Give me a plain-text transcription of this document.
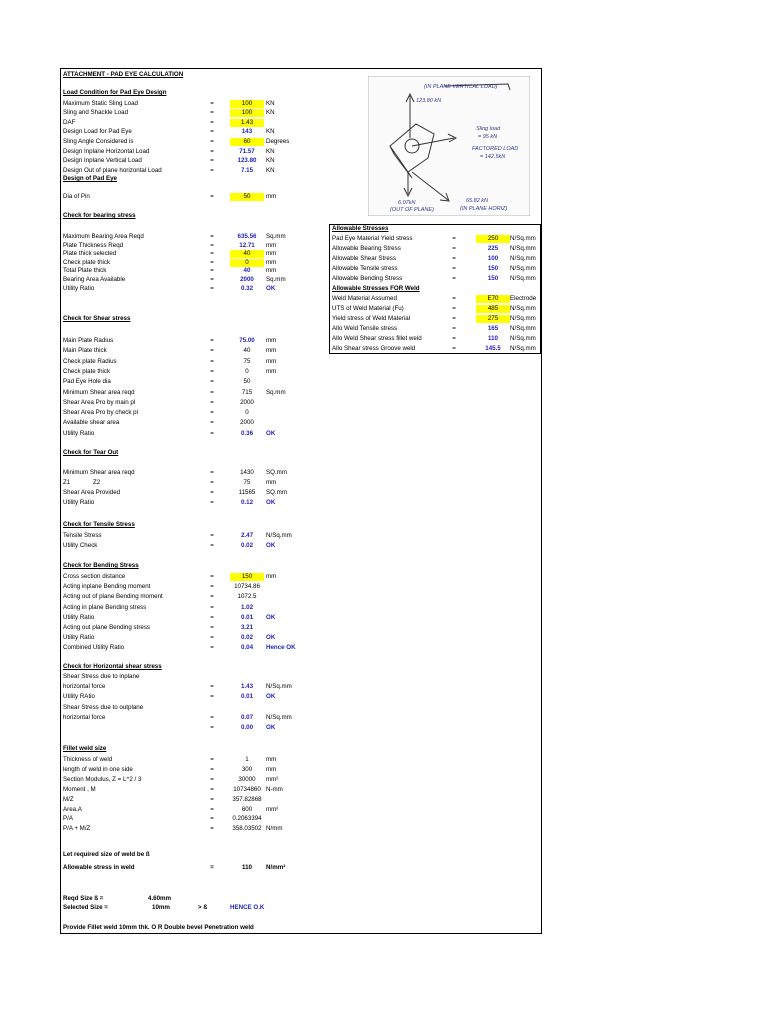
(IN PLANE VERTICAL LOAD)
123.80 kN
Sling load
= 95 kN
FACTORED LOAD
= 142.5kN
6.07kN
(OUT OF PLANE)
65.82 kN
(IN PLANE HORIZ)
ATTACHMENT - PAD EYE CALCULATION
Load Condition for Pad Eye Design
Maximum Static Sling Load	=	100	KN
Sling and Shackle Load	=	100	KN
DAF	=	1.43
Design Load for Pad Eye	=	143	KN
Sling Angle Considered is	=	60	Degrees
Design Inplane Horizontal Load	=	71.57	KN
Design Inplane Vertical Load	=	123.80	KN
Design Out of plane horizontal Load	=	7.15	KN
Design of Pad Eye
Dia of Pin	=	50	mm
Check for bearing stress
Maximum Bearing Area Reqd	=	635.56	Sq.mm
Plate Thickness Reqd	=	12.71	mm
Plate thick selected	=	40	mm
Check plate thick	=	0	mm
Total Plate thick	=	40	mm
Bearing Area Available	=	2000	Sq.mm
Utility Ratio	=	0.32	OK
Check for Shear stress
Main Plate Radius	=	75.00	mm
Main Plate thick	=	40	mm
Check plate Radius	=	75	mm
Check plate thick	=	0	mm
Pad Eye Hole dia	=	50
Minimum Shear area reqd	=	715	Sq.mm
Shear Area Pro by main pl	=	2000
Shear Area Pro by check pl	=	0
Available shear area	=	2000
Utility Ratio	=	0.36	OK
Check for Tear Out
Minimum Shear area reqd	=	1430	SQ.mm
Z1	Z2	=	75	mm
Shear Area Provided	=	11565	SQ.mm
Utility Ratio	=	0.12	OK
Check for Tensile Stress
Tensile Stress	=	2.47	N/Sq.mm
Utility Check	=	0.02	OK
Check for Bending Stress
Cross section distance	=	150	mm
Acting inplane Bending moment	=	10734.86
Acting out of plane Bending moment	=	1072.5
Acting in plane Bending stress	=	1.02
Utility Ratio	=	0.01	OK
Acting out plane Bending stress	=	3.21
Utility Ratio	=	0.02	OK
Combined Utility Ratio	=	0.04	Hence OK
Check for Horizontal shear stress
Shear Stress due to inplane
horizontal force	=	1.43	N/Sq.mm
Utility RAtio	=	0.01	OK
Shear Stress due to outplane
horizontal force	=	0.07	N/Sq.mm
=	0.00	OK
Fillet weld size
Thickness of weld	=	1	mm
length of weld in one side	=	300	mm
Section Modulus, Z = L^2 / 3	=	30000	mm²
Moment , M	=	10734860 N-mm
M/Z	=	357.82868
Area,A	=	600	mm²
P/A	=	0.2063394
P/A + M/Z	=	358.03502 N/mm
Let required size of weld be ß
Allowable stress in weld	=	110	N/mm²
Reqd Size ß =	4.60mm
Selected Size =	10mm	> ß	HENCE O.K
Provide Fillet weld 10mm thk. O R Double bevel Penetration weld
Allowable Stresses
Pad Eye Material Yield stress	=	250	N/Sq.mm
Allowable Bearing Stress	=	225	N/Sq.mm
Allowable Shear Stress	=	100	N/Sq.mm
Allowable Tensile stress	=	150	N/Sq.mm
Allowable Bending Stress	=	150	N/Sq.mm
Allowable Stresses FOR Weld
Weld Material Assumed	=	E70	Electrode
UTS of Weld Material (Fu)	=	485	N/Sq.mm
Yield stress of Weld Material	=	275	N/Sq.mm
Allo Weld Tensile stress	=	165	N/Sq.mm
Allo Weld Shear stress fillet weld	=	110	N/Sq.mm
Allo Shear stress Groove weld	=	145.5	N/Sq.mm
